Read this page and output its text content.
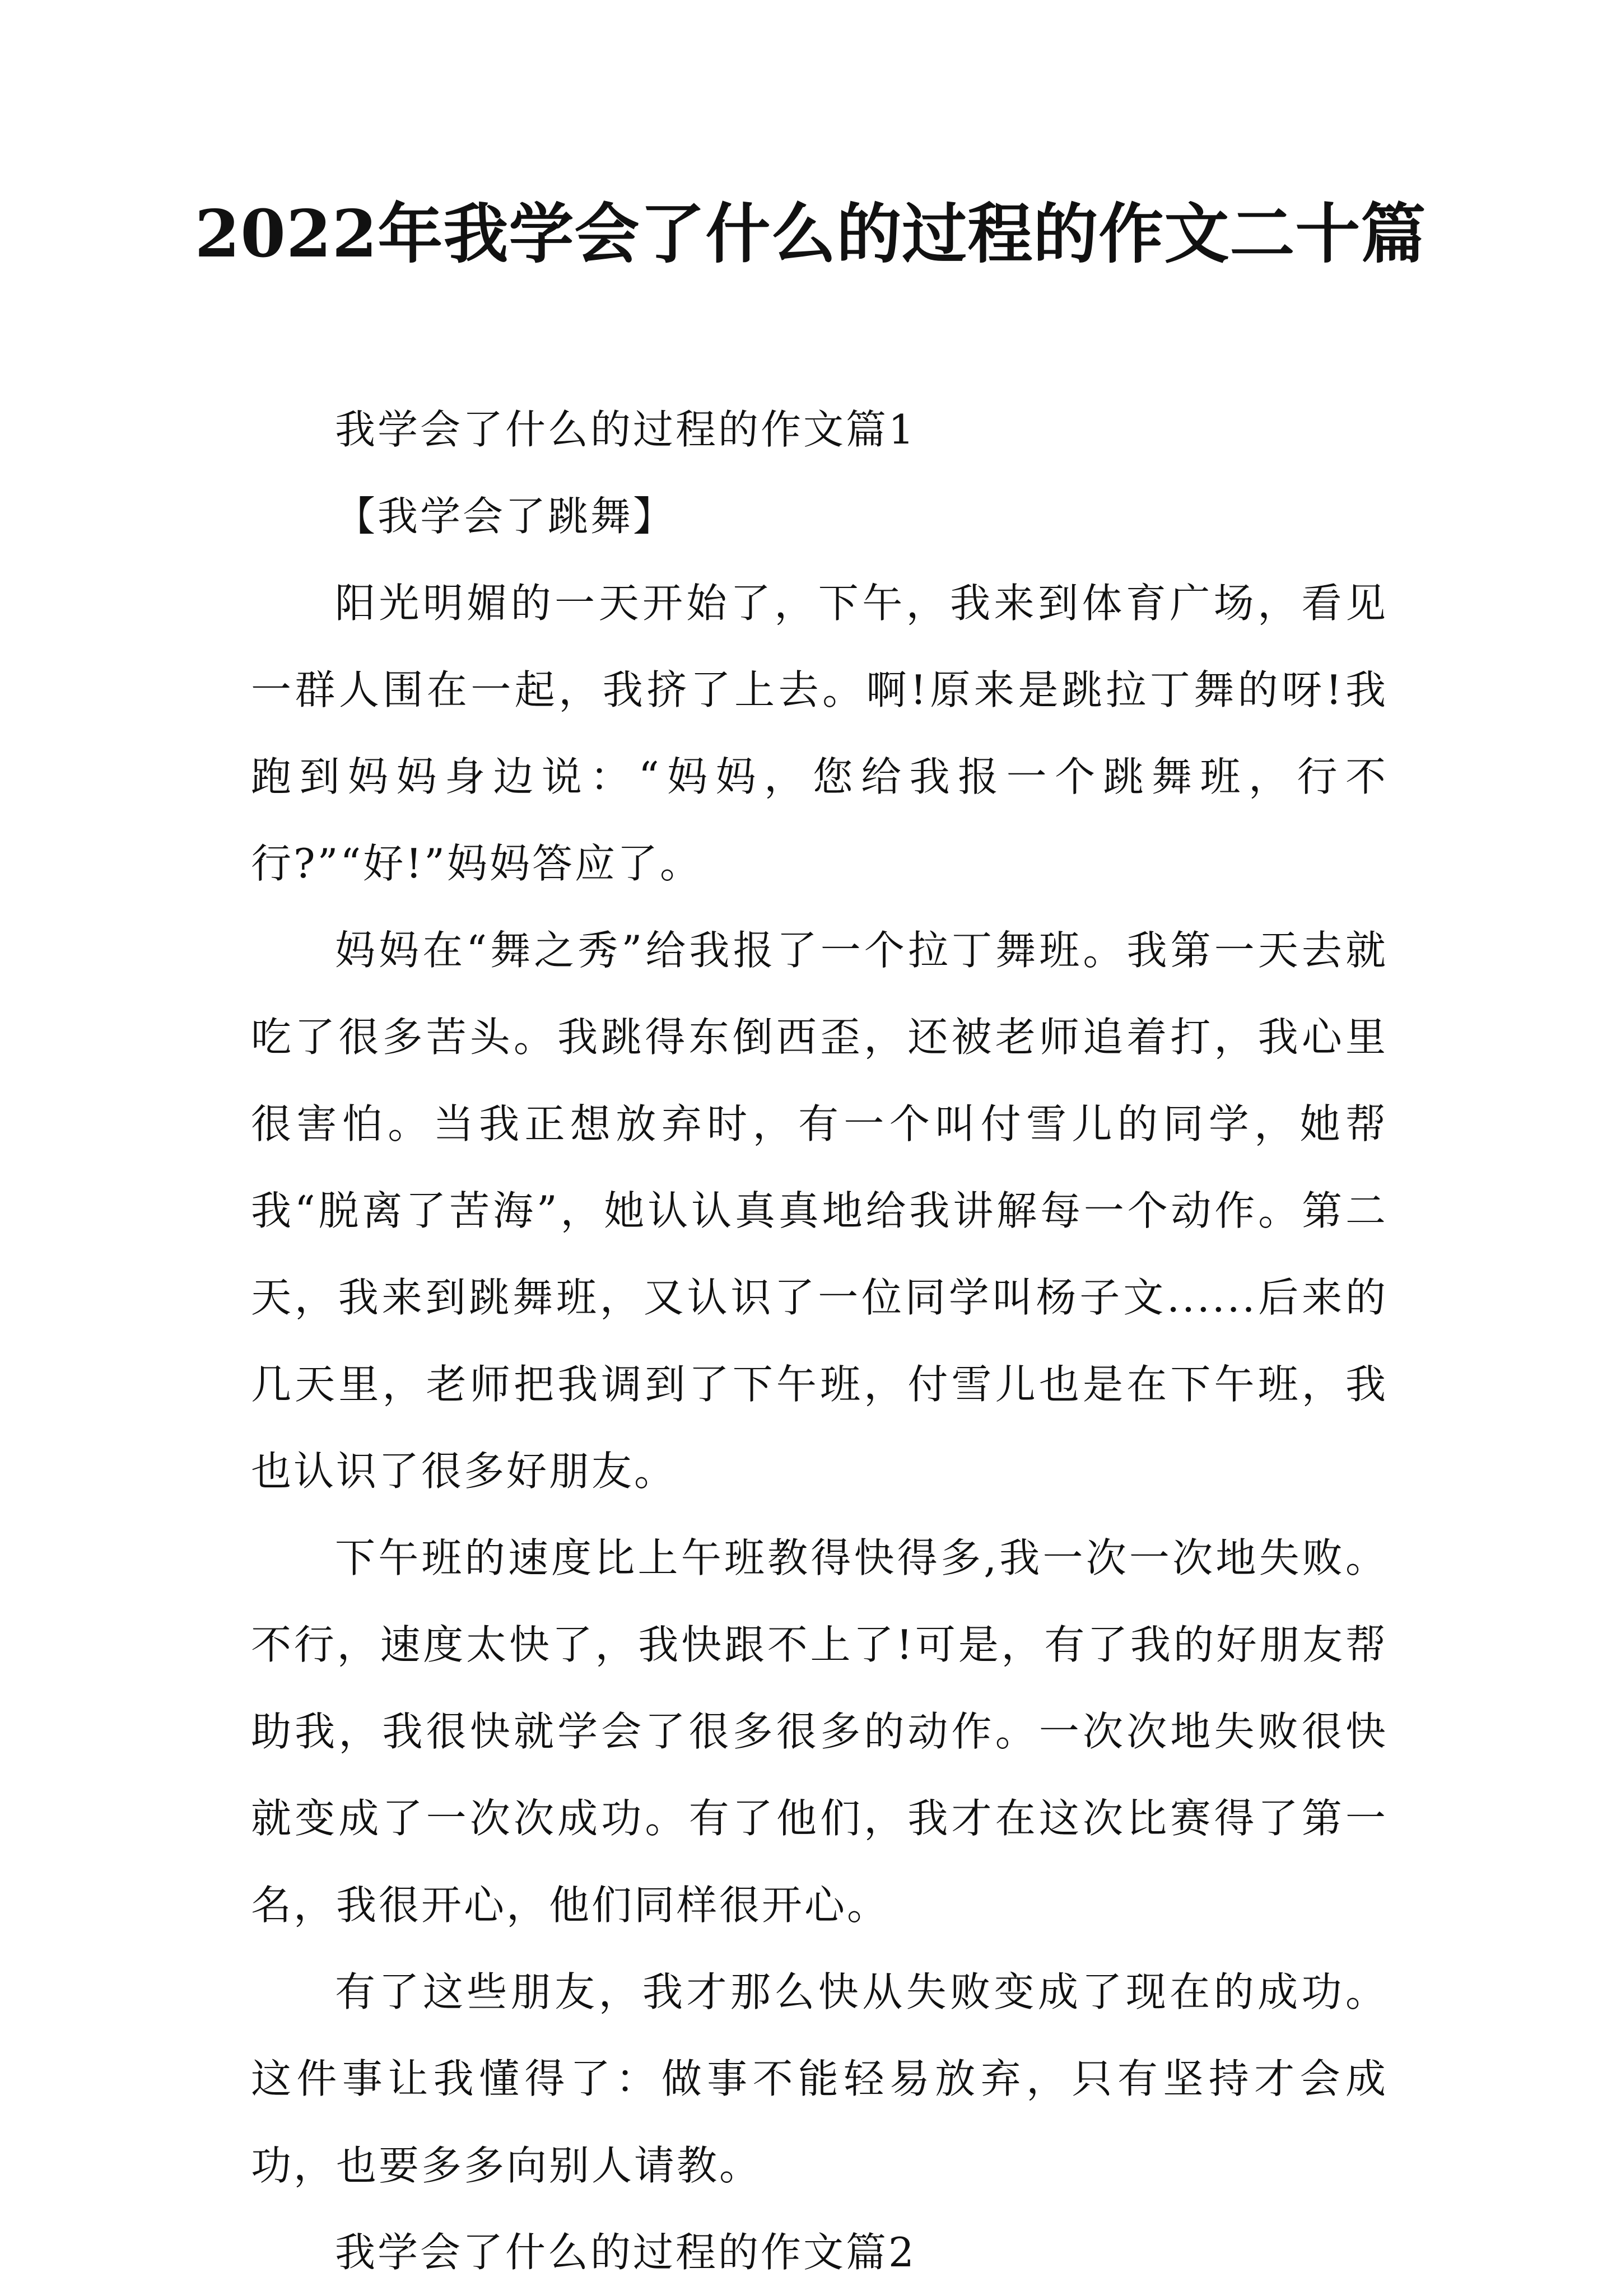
2022年我学会了什么的过程的作文二十篇

我学会了什么的过程的作文篇1

【我学会了跳舞】

阳光明媚的一天开始了，下午，我来到体育广场，看见一群人围在一起，我挤了上去。啊!原来是跳拉丁舞的呀!我跑到妈妈身边说：“妈妈，您给我报一个跳舞班，行不行?”“好!”妈妈答应了。

妈妈在“舞之秀”给我报了一个拉丁舞班。我第一天去就吃了很多苦头。我跳得东倒西歪，还被老师追着打，我心里很害怕。当我正想放弃时，有一个叫付雪儿的同学，她帮我“脱离了苦海”，她认认真真地给我讲解每一个动作。第二天，我来到跳舞班，又认识了一位同学叫杨子文......后来的几天里，老师把我调到了下午班，付雪儿也是在下午班，我也认识了很多好朋友。

下午班的速度比上午班教得快得多,我一次一次地失败。不行，速度太快了，我快跟不上了!可是，有了我的好朋友帮助我，我很快就学会了很多很多的动作。一次次地失败很快就变成了一次次成功。有了他们，我才在这次比赛得了第一名，我很开心，他们同样很开心。

有了这些朋友，我才那么快从失败变成了现在的成功。这件事让我懂得了：做事不能轻易放弃，只有坚持才会成功，也要多多向别人请教。

我学会了什么的过程的作文篇2
